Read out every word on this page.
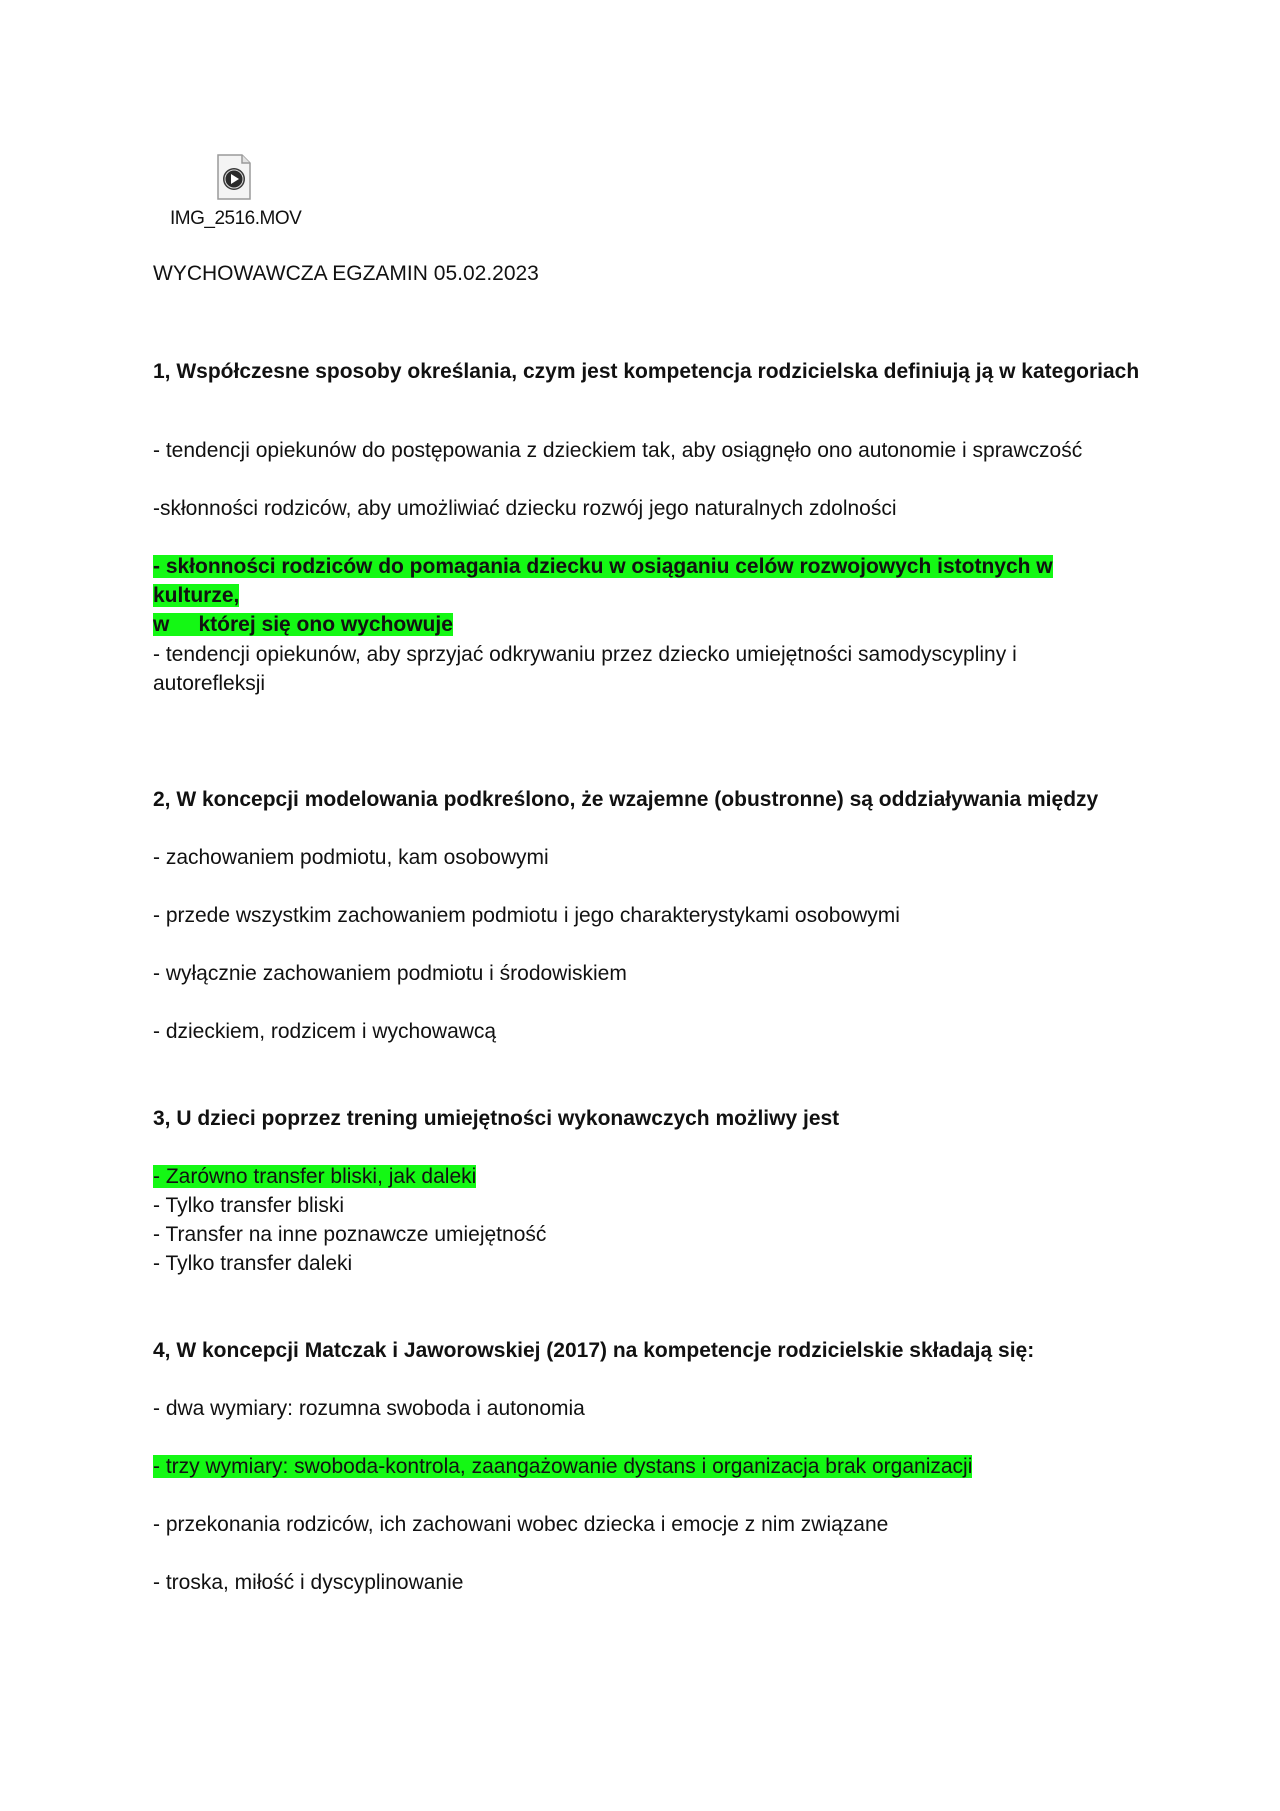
IMG_2516.MOV
WYCHOWAWCZA EGZAMIN 05.02.2023
1, Współczesne sposoby określania, czym jest kompetencja rodzicielska definiują ją w kategoriach
- tendencji opiekunów do postępowania z dzieckiem tak, aby osiągnęło ono autonomie i sprawczość
-skłonności rodziców, aby umożliwiać dziecku rozwój jego naturalnych zdolności
- skłonności rodziców do pomagania dziecku w osiąganiu celów rozwojowych istotnych w kulturze,
w     której się ono wychowuje
- tendencji opiekunów, aby sprzyjać odkrywaniu przez dziecko umiejętności samodyscypliny i
autorefleksji
2, W koncepcji modelowania podkreślono, że wzajemne (obustronne) są oddziaływania między
- zachowaniem podmiotu, kam osobowymi
- przede wszystkim zachowaniem podmiotu i jego charakterystykami osobowymi
- wyłącznie zachowaniem podmiotu i środowiskiem
- dzieckiem, rodzicem i wychowawcą
3, U dzieci poprzez trening umiejętności wykonawczych możliwy jest
- Zarówno transfer bliski, jak daleki
- Tylko transfer bliski
- Transfer na inne poznawcze umiejętność
- Tylko transfer daleki
4, W koncepcji Matczak i Jaworowskiej (2017) na kompetencje rodzicielskie składają się:
- dwa wymiary: rozumna swoboda i autonomia
- trzy wymiary: swoboda-kontrola, zaangażowanie dystans i organizacja brak organizacji
- przekonania rodziców, ich zachowani wobec dziecka i emocje z nim związane
- troska, miłość i dyscyplinowanie
